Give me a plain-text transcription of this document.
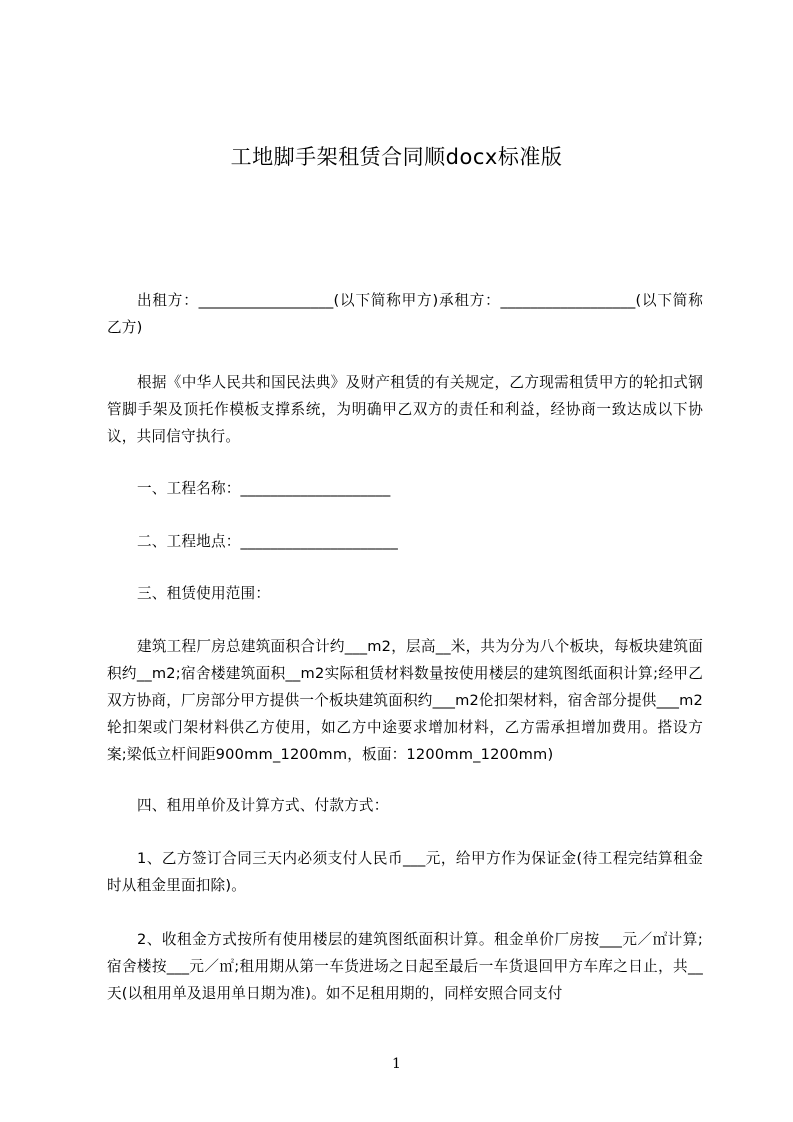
工地脚手架租赁合同顺docx标准版

出租方：__________________(以下简称甲方)承租方：__________________(以下简称乙方)

根据《中华人民共和国民法典》及财产租赁的有关规定，乙方现需租赁甲方的轮扣式钢管脚手架及顶托作模板支撑系统，为明确甲乙双方的责任和利益，经协商一致达成以下协议，共同信守执行。

一、工程名称：____________________

二、工程地点：_____________________

三、租赁使用范围：

建筑工程厂房总建筑面积合计约___m2，层高__米，共为分为八个板块，每板块建筑面积约__m2;宿舍楼建筑面积__m2实际租赁材料数量按使用楼层的建筑图纸面积计算;经甲乙双方协商，厂房部分甲方提供一个板块建筑面积约___m2伦扣架材料，宿舍部分提供___m2轮扣架或门架材料供乙方使用，如乙方中途要求增加材料，乙方需承担增加费用。搭设方案;梁低立杆间距900mm_1200mm，板面：1200mm_1200mm)

四、租用单价及计算方式、付款方式：

1、乙方签订合同三天内必须支付人民币___元，给甲方作为保证金(待工程完结算租金时从租金里面扣除)。

2、收租金方式按所有使用楼层的建筑图纸面积计算。租金单价厂房按___元／㎡计算;宿舍楼按___元／㎡;租用期从第一车货进场之日起至最后一车货退回甲方车库之日止，共__天(以租用单及退用单日期为准)。如不足租用期的，同样安照合同支付

1
